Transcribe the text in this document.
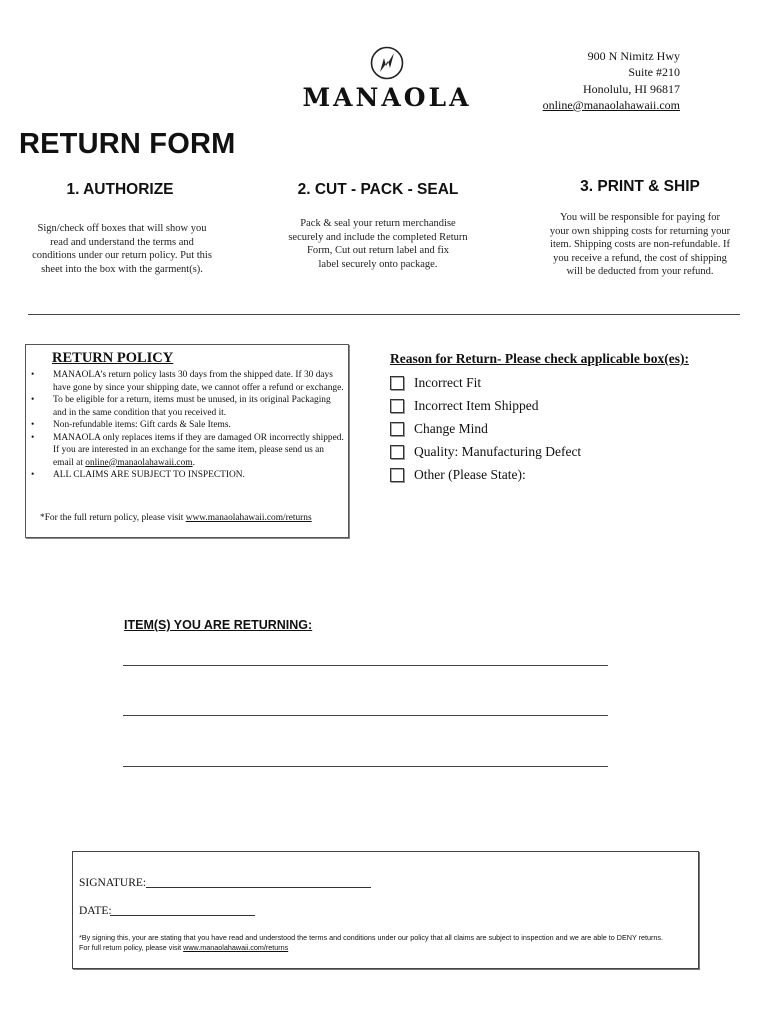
MANAOLA
900 N Nimitz Hwy
Suite #210
Honolulu, HI 96817
online@manaolahawaii.com
RETURN FORM
1. AUTHORIZE
Sign/check off boxes that will show you
read and understand the terms and
conditions under our return policy. Put this
sheet into the box with the garment(s).
2. CUT - PACK - SEAL
Pack & seal your return merchandise
securely and include the completed Return
Form, Cut out return label and fix
label securely onto package.
3. PRINT & SHIP
You will be responsible for paying for
your own shipping costs for returning your
item. Shipping costs are non-refundable. If
you receive a refund, the cost of shipping
will be deducted from your refund.
RETURN POLICY
• MANAOLA’s return policy lasts 30 days from the shipped date. If 30 days have gone by since your shipping date, we cannot offer a refund or exchange.
• To be eligible for a return, items must be unused, in its original Packaging and in the same condition that you received it.
• Non-refundable items: Gift cards & Sale Items.
• MANAOLA only replaces items if they are damaged OR incorrectly shipped. If you are interested in an exchange for the same item, please send us an email at online@manaolahawaii.com.
• ALL CLAIMS ARE SUBJECT TO INSPECTION.
*For the full return policy, please visit www.manaolahawaii.com/returns
Reason for Return- Please check applicable box(es):
Incorrect Fit
Incorrect Item Shipped
Change Mind
Quality: Manufacturing Defect
Other (Please State):
ITEM(S) YOU ARE RETURNING:
SIGNATURE:
DATE:
*By signing this, your are stating that you have read and understood the terms and conditions under our policy that all claims are subject to inspection and we are able to DENY returns.
For full return policy, please visit www.manaolahawaii.com/returns
